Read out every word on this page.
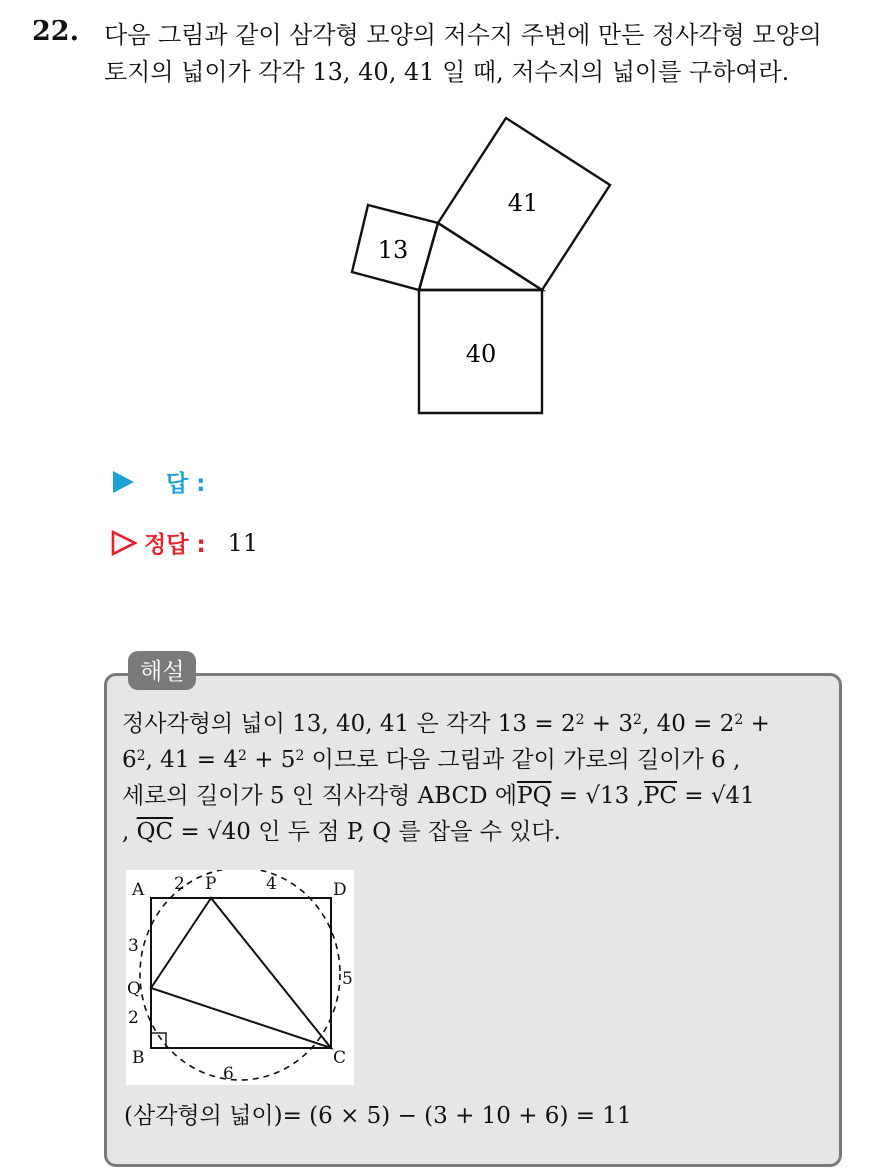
22. 다음 그림과 같이 삼각형 모양의 저수지 주변에 만든 정사각형 모양의
토지의 넓이가 각각 13, 40, 41 일 때, 저수지의 넓이를 구하여라.
41
13
40
답 :
정답 : 11
해설
정사각형의 넓이 13, 40, 41 은 각각 $13 = 2^2 + 3^2$, $40 = 2^2$ +
$6^2$, $41 = 4^2 + 5^2$ 이므로 다음 그림과 같이 가로의 길이가 6 ,
세로의 길이가 5 인 직사각형 ABCD 에$\overline{PQ} = √13$ $,\overline{PC} = √41$
, $\overline{QC} = √40$ 인 두 점 P, Q 를 잡을 수 있다.
A	P	D
Q
B	C
2	4
3
2
5
6
(삼각형의 넓이)= (6 × 5) − (3 + 10 + 6) = 11
